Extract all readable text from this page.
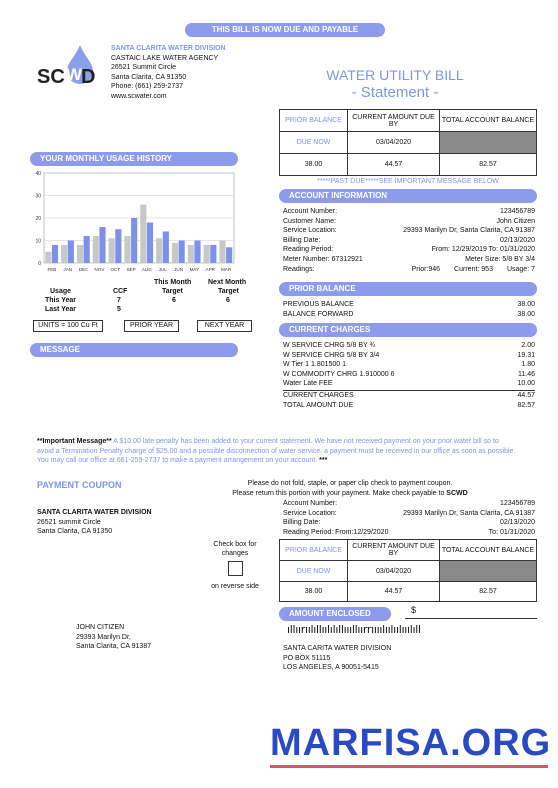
THIS BILL IS NOW DUE AND PAYABLE
SC D
W
SANTA CLARITA WATER DIVISION
CASTAIC LAKE WATER AGENCY
26521 Summit Circle
Santa Clarita, CA 91350
Phone: (661) 259-2737
www.scwater.com
WATER UTILITY BILL
- Statement -
PRIOR BALANCE	CURRENT AMOUNT DUE BY	TOTAL ACCOUNT BALANCE
DUE NOW	03/04/2020	
38.00	44.57	82.57
*****PAST DUE*****SEE IMPORTANT MESSAGE BELOW
YOUR MONTHLY USAGE HISTORY
0
10
20
30
40
FEB JAN DEC NOV OCT SEP AUG JUL JUN MAY APR MAR
This Month Next Month
Usage	CCF	Target	Target
This Year	7	6	6
Last Year	5
UNITS = 100 Cu Ft	PRIOR YEAR	NEXT YEAR
MESSAGE
ACCOUNT INFORMATION
Account Number:	123456789
Customer Name:	John Citizen
Service Location:	29393 Marilyn Dr, Santa Clarita, CA 91387
Billing Date:	02/13/2020
Reading Period:	From: 12/29/2019 To: 01/31/2020
Meter Number: 67312921	Meter Size: 5/8 BY 3/4
Readings:	Prior:946 Current: 953 Usage: 7
PRIOR BALANCE
PREVIOUS BALANCE	38.00
BALANCE FORWARD	38.00
CURRENT CHARGES
W SERVICE CHRG 5/8 BY ¾	2.00
W SERVICE CHRG 5/8 BY 3/4	19.31
W Tier 1 1.801500 1	1.80
W COMMODITY CHRG 1.910000 6	11.46
Water Late FEE	10.00
CURRENT CHARGES	44.57
TOTAL AMOUNT DUE	82.57
**Important Message** A $10.00 late penalty has been added to your current statement. We have not received payment on your prior water bill so to avoid a Termination Penalty charge of $25.00 and a possible disconnection of water service, a payment must be received in our office as soon as possible. You may call our office at 661-259-2737 to make a payment arrangement on your account. ***
PAYMENT COUPON	Please do not fold, staple, or paper clip check to payment coupon.
Please return this portion with your payment. Make check payable to SCWD
SANTA CLARITA WATER DIVISION
26521 summit Circle
Santa Clarita, CA 91350
Account Number:	123456789
Service Location:	29393 Marilyn Dr, Santa Clarita, CA 91387
Billing Date:	02/13/2020
Reading Period: From:12/29/2020	To: 01/31/2020
Check box for changes
on reverse side
PRIOR BALANCE	CURRENT AMOUNT DUE BY	TOTAL ACCOUNT BALANCE
DUE NOW	03/04/2020	
38.00	44.57	82.57
AMOUNT ENCLOSED	$
ıllıırıılıllıılılıllıııllıırrıııılıılıılııılıll
JOHN CITIZEN
29393 Marilyn Dr,
Santa Clarita, CA 91387	SANTA CARITA WATER DIVISION
PO BOX 51115
LOS ANGELES, A 90051-5415
MARFISA.ORG
